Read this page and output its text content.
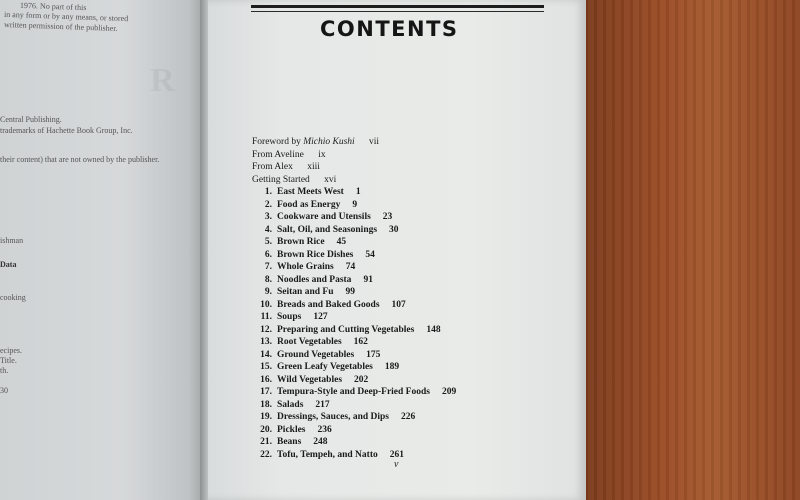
1976. No part of this
in any form or by any means, or stored
written permission of the publisher.
R
Central Publishing.
trademarks of Hachette Book Group, Inc.
their content) that are not owned by the publisher.
ishman
Data
cooking
ecipes.
Title.
th.
30
CONTENTS
Foreword by Michio Kushi vii
From Aveline ix
From Alex xiii
Getting Started xvi
1. East Meets West 1
2. Food as Energy 9
3. Cookware and Utensils 23
4. Salt, Oil, and Seasonings 30
5. Brown Rice 45
6. Brown Rice Dishes 54
7. Whole Grains 74
8. Noodles and Pasta 91
9. Seitan and Fu 99
10. Breads and Baked Goods 107
11. Soups 127
12. Preparing and Cutting Vegetables 148
13. Root Vegetables 162
14. Ground Vegetables 175
15. Green Leafy Vegetables 189
16. Wild Vegetables 202
17. Tempura-Style and Deep-Fried Foods 209
18. Salads 217
19. Dressings, Sauces, and Dips 226
20. Pickles 236
21. Beans 248
22. Tofu, Tempeh, and Natto 261
v
